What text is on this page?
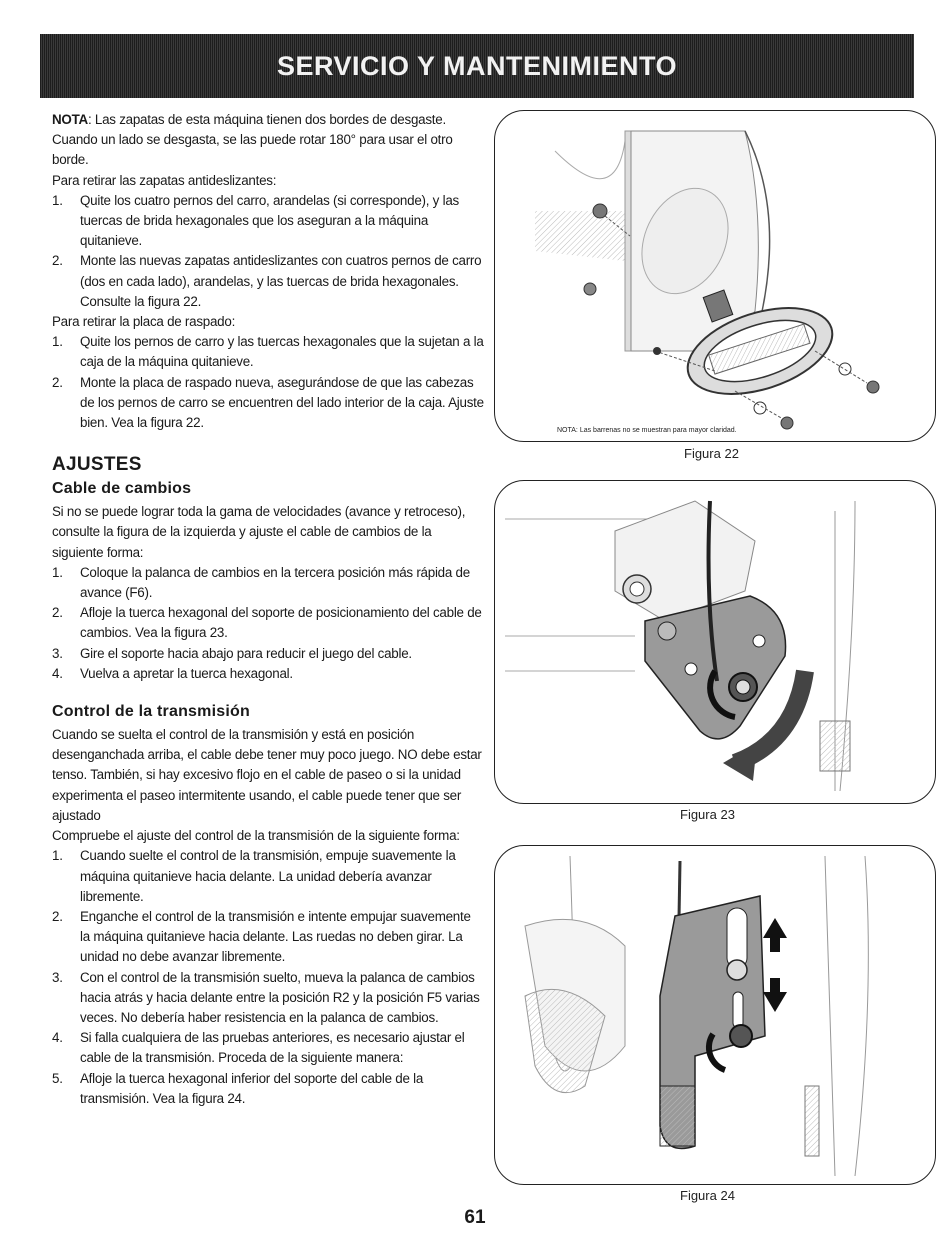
SERVICIO Y MANTENIMIENTO

NOTA: Las zapatas de esta máquina tienen dos bordes de desgaste. Cuando un lado se desgasta, se las puede rotar 180° para usar el otro borde.

Para retirar las zapatas antideslizantes:

1. Quite los cuatro pernos del carro, arandelas (si corresponde), y las tuercas de brida hexagonales que los aseguran a la máquina quitanieve.
2. Monte las nuevas zapatas antideslizantes con cuatros pernos de carro (dos en cada lado), arandelas, y las tuercas de brida hexagonales. Consulte la figura 22.

Para retirar la placa de raspado:

1. Quite los pernos de carro y las tuercas hexagonales que la sujetan a la caja de la máquina quitanieve.
2. Monte la placa de raspado nueva, asegurándose de que las cabezas de los pernos de carro se encuentren del lado interior de la caja. Ajuste bien. Vea la figura 22.
AJUSTES
Cable de cambios

Si no se puede lograr toda la gama de velocidades (avance y retroceso), consulte la figura de la izquierda y ajuste el cable de cambios de la siguiente forma:

1. Coloque la palanca de cambios en la tercera posición más rápida de avance (F6).
2. Afloje la tuerca hexagonal del soporte de posicionamiento del cable de cambios. Vea la figura 23.
3. Gire el soporte hacia abajo para reducir el juego del cable.
4. Vuelva a apretar la tuerca hexagonal.
Control de la transmisión

Cuando se suelta el control de la transmisión y está en posición desenganchada arriba, el cable debe tener muy poco juego. NO debe estar tenso. También, si hay excesivo flojo en el cable de paseo o si la unidad experimenta el paseo intermitente usando, el cable puede tener que ser ajustado

Compruebe el ajuste del control de la transmisión de la siguiente forma:

1. Cuando suelte el control de la transmisión, empuje suavemente la máquina quitanieve hacia delante. La unidad debería avanzar libremente.
2. Enganche el control de la transmisión e intente empujar suavemente la máquina quitanieve hacia delante. Las ruedas no deben girar. La unidad no debe avanzar libremente.
3. Con el control de la transmisión suelto, mueva la palanca de cambios hacia atrás y hacia delante entre la posición R2 y la posición F5 varias veces. No debería haber resistencia en la palanca de cambios.
4. Si falla cualquiera de las pruebas anteriores, es necesario ajustar el cable de la transmisión. Proceda de la siguiente manera:
5. Afloje la tuerca hexagonal inferior del soporte del cable de la transmisión. Vea la figura 24.
NOTA: Las barrenas no se muestran para mayor claridad.
Figura 22
Figura 23
Figura 24
61
